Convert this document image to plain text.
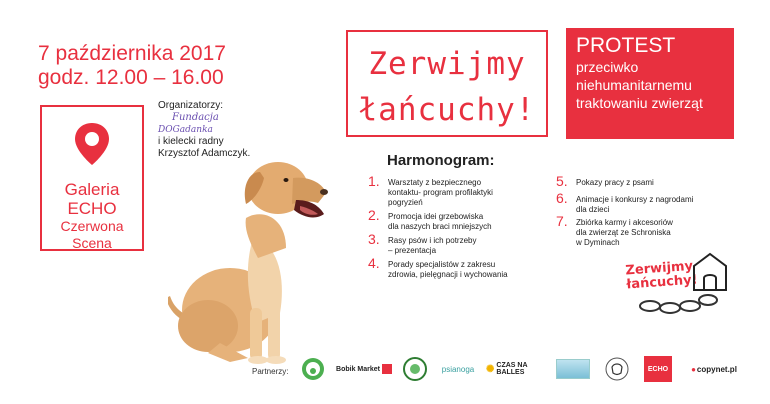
7 października 2017
godz. 12.00 – 16.00
Galeria
ECHO
Czerwona
Scena
Organizatorzy:
Fundacja
DOGadanka
i kielecki radny
Krzysztof Adamczyk.
Zerwijmy
łańcuchy!
PROTEST
przeciwko
niehumanitarnemu
traktowaniu zwierząt
Harmonogram:
1. Warsztaty z bezpiecznego
kontaktu- program profilaktyki
pogryzień
2. Promocja idei grzebowiska
dla naszych braci mniejszych
3. Rasy psów i ich potrzeby
– prezentacja
4. Porady specjalistów z zakresu
zdrowia, pielęgnacji i wychowania
5. Pokazy pracy z psami
6. Animacje i konkursy z nagrodami
dla dzieci
7. Zbiórka karmy i akcesoriów
dla zwierząt ze Schroniska
w Dyminach
Zerwijmy
łańcuchy!
Partnerzy:	Bobik Market	psianoga ✺ CZAS NA BALLES	ECHO	● copynet.pl
